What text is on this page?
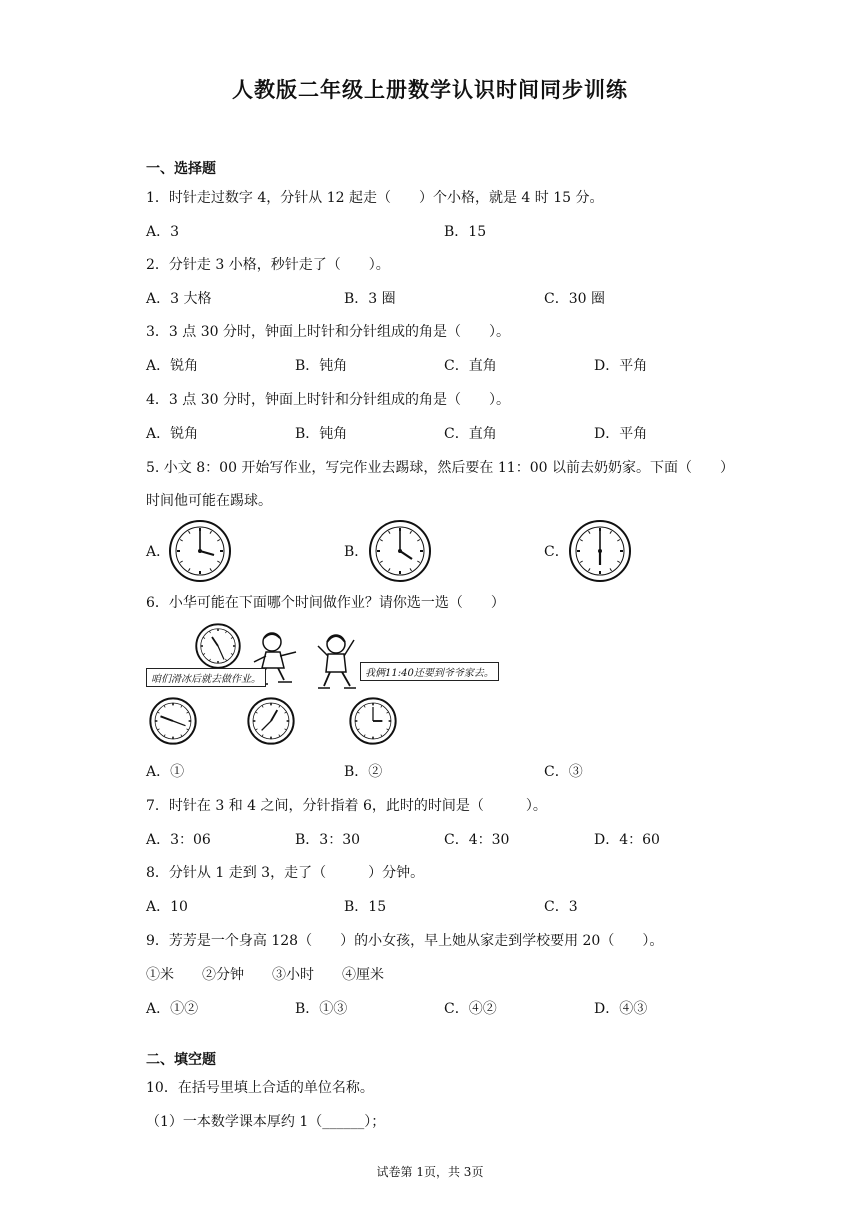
人教版二年级上册数学认识时间同步训练
一、选择题
1．时针走过数字 4，分针从 12 起走（　　）个小格，就是 4 时 15 分。
A．3	B．15
2．分针走 3 小格，秒针走了（　　）。
A．3 大格	B．3 圈	C．30 圈
3．3 点 30 分时，钟面上时针和分针组成的角是（　　）。
A．锐角	B．钝角	C．直角	D．平角
4．3 点 30 分时，钟面上时针和分针组成的角是（　　）。
A．锐角	B．钝角	C．直角	D．平角
5. 小文 8：00 开始写作业，写完作业去踢球，然后要在 11：00 以前去奶奶家。下面（　　）
时间他可能在踢球。
A．	B．	C．
6．小华可能在下面哪个时间做作业？请你选一选（　　）
咱们滑冰后就去做作业。
我俩11:40还要到爷爷家去。
A．①	B．②	C．③
7．时针在 3 和 4 之间，分针指着 6，此时的时间是（　　　）。
A．3：06	B．3：30	C．4：30	D．4：60
8．分针从 1 走到 3，走了（　　　）分钟。
A．10	B．15	C．3
9．芳芳是一个身高 128（　　）的小女孩，早上她从家走到学校要用 20（　　）。
①米　　②分钟　　③小时　　④厘米
A．①②	B．①③	C．④②	D．④③
二、填空题
10．在括号里填上合适的单位名称。
（1）一本数学课本厚约 1（______）；
试卷第 1页，共 3页
